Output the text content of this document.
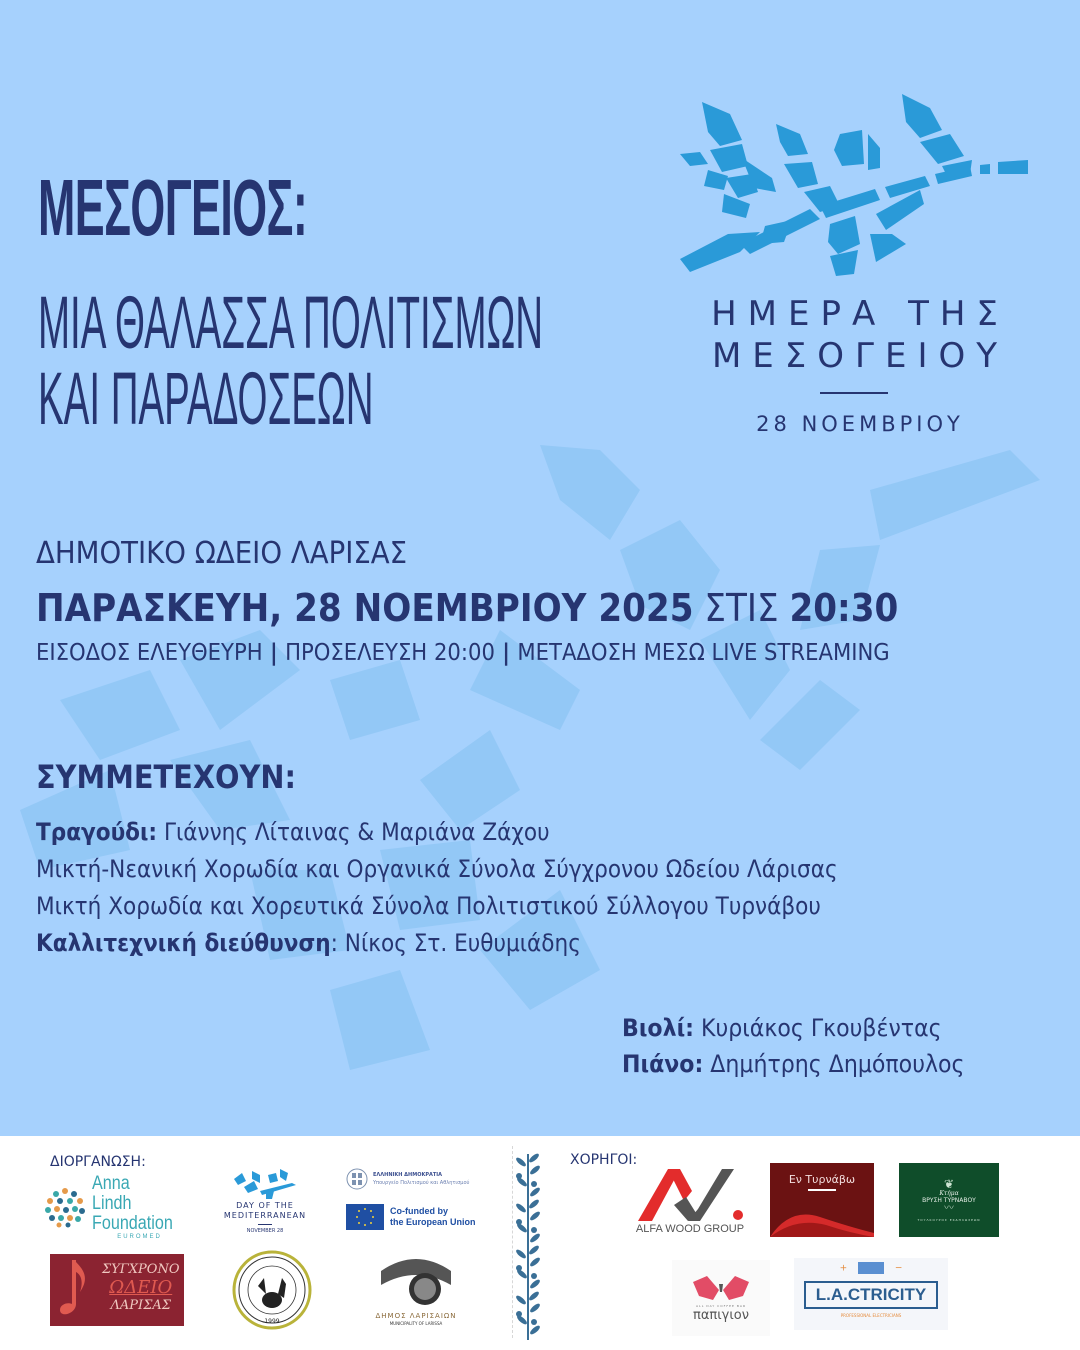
ΜΕΣΟΓΕΙΟΣ:
ΜΙΑ ΘΑΛΑΣΣΑ ΠΟΛΙΤΙΣΜΩΝ
ΚΑΙ ΠΑΡΑΔΟΣΕΩΝ
ΗΜΕΡΑ ΤΗΣ
ΜΕΣΟΓΕΙΟΥ
28 ΝΟΕΜΒΡΙΟΥ
ΔΗΜΟΤΙΚΟ ΩΔΕΙΟ ΛΑΡΙΣΑΣ
ΠΑΡΑΣΚΕΥΗ, 28 ΝΟΕΜΒΡΙΟΥ 2025 ΣΤΙΣ 20:30
ΕΙΣΟΔΟΣ ΕΛΕΥΘΕΥΡΗ | ΠΡΟΣΕΛΕΥΣΗ 20:00 | ΜΕΤΑΔΟΣΗ ΜΕΣΩ LIVE STREAMING
ΣΥΜΜΕΤΕΧΟΥΝ:
Τραγούδι: Γιάννης Λίταινας & Μαριάνα Ζάχου
Μικτή-Νεανική Χορωδία και Οργανικά Σύνολα Σύγχρονου Ωδείου Λάρισας
Μικτή Χορωδία και Χορευτικά Σύνολα Πολιτιστικού Σύλλογου Τυρνάβου
Καλλιτεχνική διεύθυνση: Νίκος Στ. Ευθυμιάδης
Βιολί: Κυριάκος Γκουβέντας
Πιάνο: Δημήτρης Δημόπουλος
ΔΙΟΡΓΑΝΩΣΗ:
Anna Lindh
Foundation
EUROMED
DAY OF THE
MEDITERRANEAN
NOVEMBER 28
ΕΛΛΗΝΙΚΗ ΔΗΜΟΚΡΑΤΙΑ
Υπουργείο Πολιτισμού και Αθλητισμού
Co-funded by
the European Union
ΣΥΓΧΡΟΝΟ
ΩΔΕΙΟ
ΛΑΡΙΣΑΣ
1999
ΔΗΜΟΣ ΛΑΡΙΣΑΙΩΝ
MUNICIPALITY OF LARISSA
ΧΟΡΗΓΟΙ:
ALFA WOOD GROUP
Εν Τυρνάβω	❦
Κτήμα
ΒΡΥΣΗ ΤΥΡΝΑΒΟΥ
〰
ΤΟΥΛΚΟΥΡΟΣ ΕΚΔΗΛΩΣΕΩΝ
ALL DAY COFFEE BAR
παπιγιον
+	−
L.A.CTRICITY
PROFESSIONAL ELECTRICIANS
